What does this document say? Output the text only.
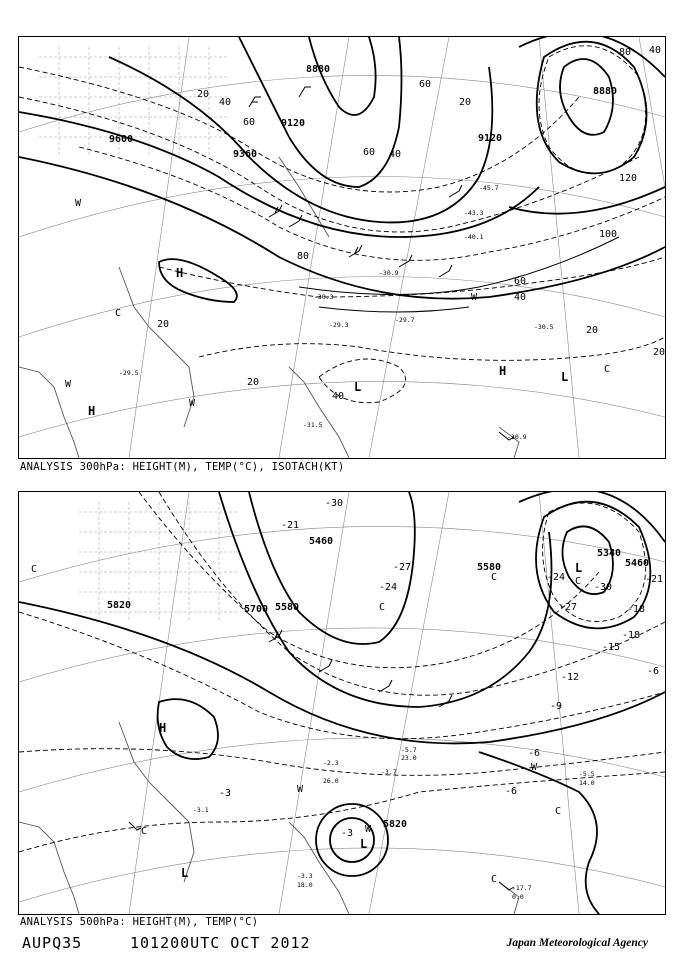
8880
8880
9120
9120
9360
9600
20
40
60
80
100
120
60
40
20
20
20
40
60
80 40
20
20
40
60
-30.9
-31.5
-29.3
-29.7
-30.5
-30.3
-30.9
-29.5
-40.1
-43.3
-45.7
H
H
H
L
L
W
W
W
W
C
C
ANALYSIS 300hPa: HEIGHT(M), TEMP(°C), ISOTACH(KT)
5340
5460
5460
5580
5580
5700
5820
5820
-30
-27
-24	-21
-18
-15
-12
-9
-6
-3
-3
-6
-24
-27
-30
-21
-18
-6
-17.7
-5.5
-3.3
-3.7
-2.3
-3.1
-5.7
0.0
14.0
18.0
23.0
26.0
H
L
L
L
W
W
W
C
C	C
C
C
C
C
ANALYSIS 500hPa: HEIGHT(M), TEMP(°C)
AUPQ35	101200UTC OCT 2012	Japan Meteorological Agency
